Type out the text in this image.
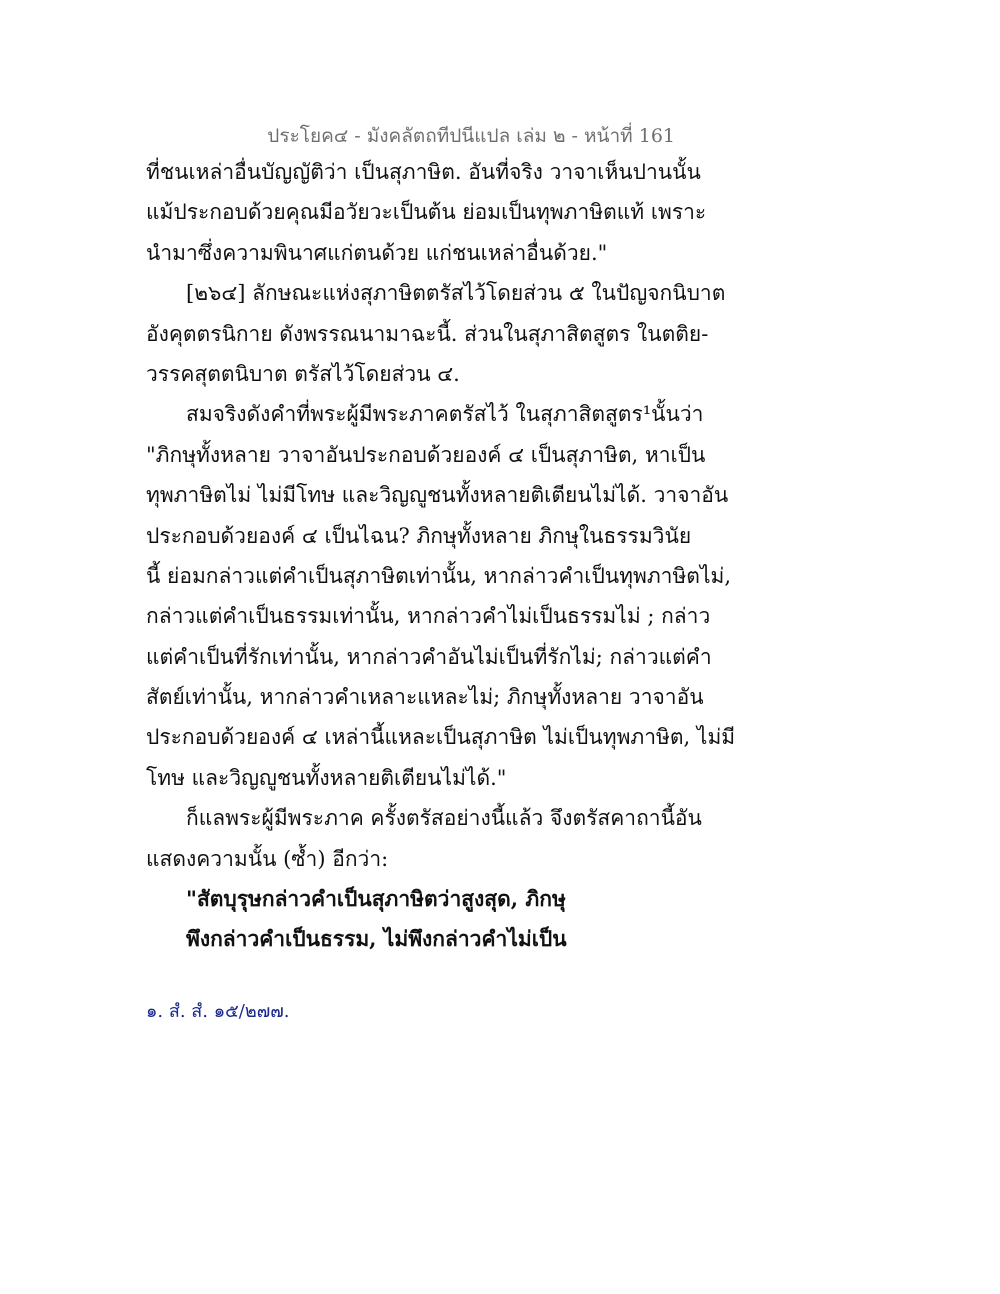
ประโยค๔ - มังคลัตถทีปนีแปล เล่ม ๒ - หน้าที่ 161
ที่ชนเหล่าอื่นบัญญัติว่า เป็นสุภาษิต. อันที่จริง วาจาเห็นปานนั้น
แม้ประกอบด้วยคุณมีอวัยวะเป็นต้น ย่อมเป็นทุพภาษิตแท้ เพราะ
นำมาซึ่งความพินาศแก่ตนด้วย แก่ชนเหล่าอื่นด้วย."
[๒๖๔] ลักษณะแห่งสุภาษิตตรัสไว้โดยส่วน ๕ ในปัญจกนิบาต
อังคุตตรนิกาย ดังพรรณนามาฉะนี้. ส่วนในสุภาสิตสูตร ในตติย-
วรรคสุตตนิบาต ตรัสไว้โดยส่วน ๔.
สมจริงดังคำที่พระผู้มีพระภาคตรัสไว้ ในสุภาสิตสูตร¹นั้นว่า
"ภิกษุทั้งหลาย วาจาอันประกอบด้วยองค์ ๔ เป็นสุภาษิต, หาเป็น
ทุพภาษิตไม่ ไม่มีโทษ และวิญญูชนทั้งหลายติเตียนไม่ได้. วาจาอัน
ประกอบด้วยองค์ ๔ เป็นไฉน? ภิกษุทั้งหลาย ภิกษุในธรรมวินัย
นี้ ย่อมกล่าวแต่คำเป็นสุภาษิตเท่านั้น, หากล่าวคำเป็นทุพภาษิตไม่,
กล่าวแต่คำเป็นธรรมเท่านั้น, หากล่าวคำไม่เป็นธรรมไม่ ; กล่าว
แต่คำเป็นที่รักเท่านั้น, หากล่าวคำอันไม่เป็นที่รักไม่; กล่าวแต่คำ
สัตย์เท่านั้น, หากล่าวคำเหลาะแหละไม่; ภิกษุทั้งหลาย วาจาอัน
ประกอบด้วยองค์ ๔ เหล่านี้แหละเป็นสุภาษิต ไม่เป็นทุพภาษิต, ไม่มี
โทษ และวิญญูชนทั้งหลายติเตียนไม่ได้."
ก็แลพระผู้มีพระภาค ครั้งตรัสอย่างนี้แล้ว จึงตรัสคาถานี้อัน
แสดงความนั้น (ซ้ำ) อีกว่า:
"สัตบุรุษกล่าวคำเป็นสุภาษิตว่าสูงสุด, ภิกษุ
พึงกล่าวคำเป็นธรรม, ไม่พึงกล่าวคำไม่เป็น
๑. สํ. สํ. ๑๕/๒๗๗.
